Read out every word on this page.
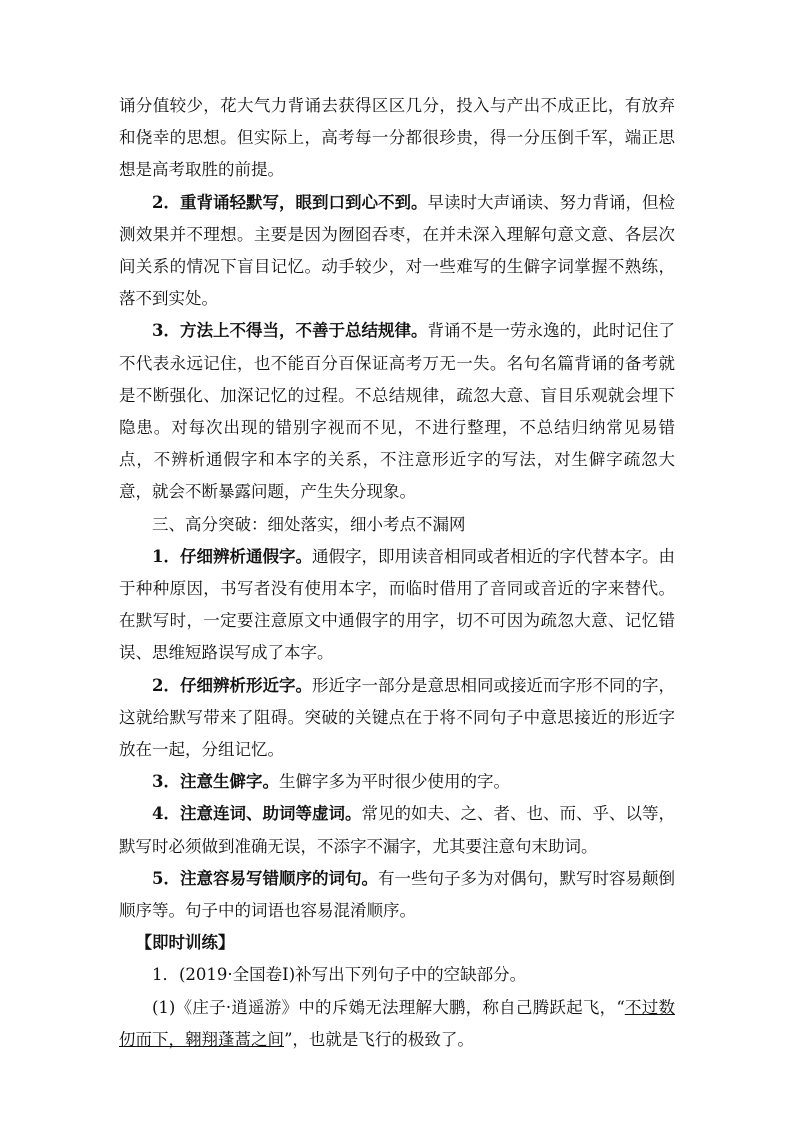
诵分值较少，花大气力背诵去获得区区几分，投入与产出不成正比，有放弃和侥幸的思想。但实际上，高考每一分都很珍贵，得一分压倒千军，端正思想是高考取胜的前提。

2．重背诵轻默写，眼到口到心不到。早读时大声诵读、努力背诵，但检测效果并不理想。主要是因为囫囵吞枣，在并未深入理解句意文意、各层次间关系的情况下盲目记忆。动手较少，对一些难写的生僻字词掌握不熟练，落不到实处。

3．方法上不得当，不善于总结规律。背诵不是一劳永逸的，此时记住了不代表永远记住，也不能百分百保证高考万无一失。名句名篇背诵的备考就是不断强化、加深记忆的过程。不总结规律，疏忽大意、盲目乐观就会埋下隐患。对每次出现的错别字视而不见，不进行整理，不总结归纳常见易错点，不辨析通假字和本字的关系，不注意形近字的写法，对生僻字疏忽大意，就会不断暴露问题，产生失分现象。

三、高分突破：细处落实，细小考点不漏网

1．仔细辨析通假字。通假字，即用读音相同或者相近的字代替本字。由于种种原因，书写者没有使用本字，而临时借用了音同或音近的字来替代。在默写时，一定要注意原文中通假字的用字，切不可因为疏忽大意、记忆错误、思维短路误写成了本字。

2．仔细辨析形近字。形近字一部分是意思相同或接近而字形不同的字，这就给默写带来了阻碍。突破的关键点在于将不同句子中意思接近的形近字放在一起，分组记忆。

3．注意生僻字。生僻字多为平时很少使用的字。

4．注意连词、助词等虚词。常见的如夫、之、者、也、而、乎、以等，默写时必须做到准确无误，不添字不漏字，尤其要注意句末助词。

5．注意容易写错顺序的词句。有一些句子多为对偶句，默写时容易颠倒顺序等。句子中的词语也容易混淆顺序。

【即时训练】

1．(2019·全国卷Ⅰ)补写出下列句子中的空缺部分。

(1)《庄子·逍遥游》中的斥鴳无法理解大鹏，称自己腾跃起飞，“不过数仞而下，翱翔蓬蒿之间”，也就是飞行的极致了。
